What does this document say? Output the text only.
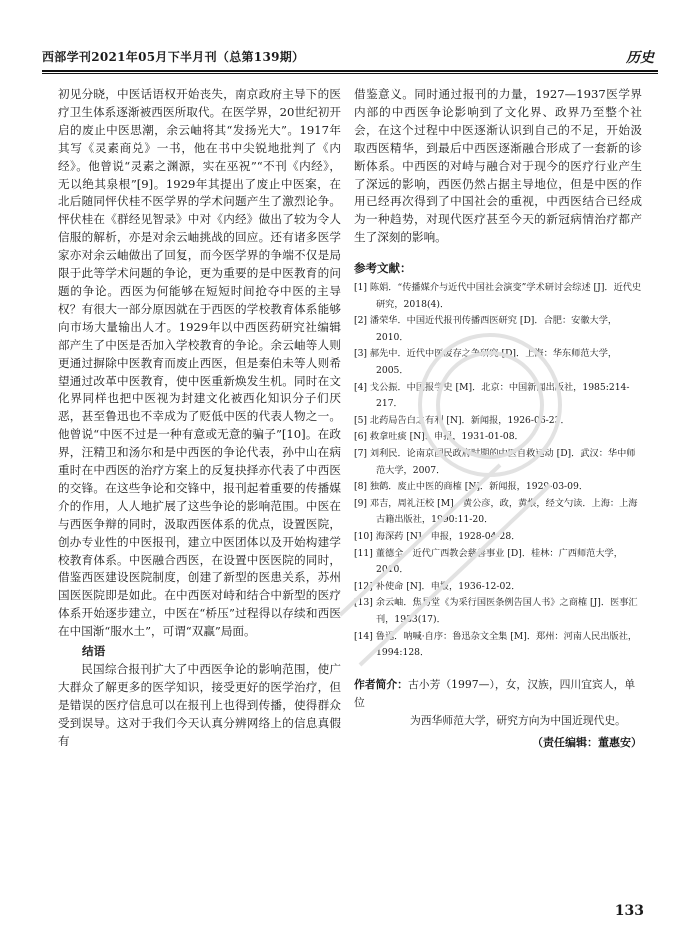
西部学刊2021年05月下半月刊（总第139期）	历史

初见分晓，中医话语权开始丧失，南京政府主导下的医疗卫生体系逐渐被西医所取代。在医学界，20世纪初开启的废止中医思潮，余云岫将其“发扬光大”。1917年其写《灵素商兑》一书，他在书中尖锐地批判了《内经》。他曾说“灵素之渊源，实在巫祝”“不刊《内经》，无以绝其泉根”[9]。1929年其提出了废止中医案，在北后随同怦伏桂不医学界的学术问题产生了激烈论争。怦伏桂在《群经见智录》中对《内经》做出了较为令人信服的解析，亦是对余云岫挑战的回应。还有诸多医学家亦对余云岫做出了回复，而今医学界的争端不仅是局限于此等学术问题的争论，更为重要的是中医教育的问题的争论。西医为何能够在短短时间抢夺中医的主导权？有很大一部分原因就在于西医的学校教育体系能够向市场大量输出人才。1929年以中西医药研究社编辑部产生了中医是否加入学校教育的争论。余云岫等人则更通过摒除中医教育而废止西医，但是秦伯未等人则希望通过改革中医教育，使中医重新焕发生机。同时在文化界同样也把中医视为封建文化被西化知识分子们厌恶，甚至鲁迅也不幸成为了贬低中医的代表人物之一。他曾说“中医不过是一种有意或无意的骗子”[10]。在政界，汪精卫和汤尔和是中西医的争论代表，孙中山在病重时在中西医的治疗方案上的反复抉择亦代表了中西医的交锋。在这些争论和交锋中，报刊起着重要的传播媒介的作用，人人地扩展了这些争论的影响范围。中医在与西医争辩的同时，汲取西医体系的优点，设置医院，创办专业性的中医报刊，建立中医团体以及开始构建学校教育体系。中医融合西医，在设置中医医院的同时，借鉴西医建设医院制度，创建了新型的医患关系，苏州国医医院即是如此。在中西医对峙和结合中新型的医疗体系开始逐步建立，中医在“桥压”过程得以存续和西医在中国渐“服水土”，可谓“双赢”局面。

结语

民国综合报刊扩大了中西医争论的影响范围，使广大群众了解更多的医学知识，接受更好的医学治疗，但是错误的医疗信息可以在报刊上也得到传播，使得群众受到误导。这对于我们今天认真分辨网络上的信息真假有

借鉴意义。同时通过报刊的力量，1927—1937医学界内部的中西医争论影响到了文化界、政界乃至整个社会，在这个过程中中医逐渐认识到自己的不足，开始汲取西医精华，到最后中西医逐渐融合形成了一套新的诊断体系。中西医的对峙与融合对于现今的医疗行业产生了深远的影响，西医仍然占据主导地位，但是中医的作用已经再次得到了中国社会的重视，中西医结合已经成为一种趋势，对现代医疗甚至今天的新冠病情治疗都产生了深刻的影响。

参考文献：
[1] 陈娟．“传播媒介与近代中国社会演变”学术研讨会综述 [J]．近代史研究，2018(4)．
[2] 潘荣华．中国近代报刊传播西医研究 [D]．合肥：安徽大学，2010．
[3] 郝先中．近代中医废存之争研究 [D]．上海：华东师范大学，2005．
[4] 戈公振．中国报学史 [M]．北京：中国新闻出版社，1985:214-217．
[5] 北药局告白之有利 [N]．新闻报，1926-06-23．
[6] 救拿吐痰 [N]．申报，1931-01-08．
[7] 刘利民．论南京国民政府时期的中医自救运动 [D]．武汉：华中师范大学，2007．
[8] 独鹤．废止中医的商榷 [N]．新闻报，1929-03-09．
[9] 邓吉，周礼汪校 [M]．黄公彦，政，黄恨，经文勺读．上海：上海古籍出版社，1990:11-20．
[10] 海深药 [N]．申报，1928-04-28．
[11] 董德全．近代广西教会慈善事业 [D]．桂林：广西师范大学，2010．
[12] 补使命 [N]．申报，1936-12-02．
[13] 余云岫．焦易堂《为采行国医条例告国人书》之商榷 [J]．医事汇刊，1933(17)．
[14] 鲁迅．呐喊·自序：鲁迅杂文全集 [M]．郑州：河南人民出版社，1994:128．
作者简介：古小芳（1997—），女，汉族，四川宜宾人，单位
为西华师范大学，研究方向为中国近现代史。
（责任编辑：董惠安）
133
